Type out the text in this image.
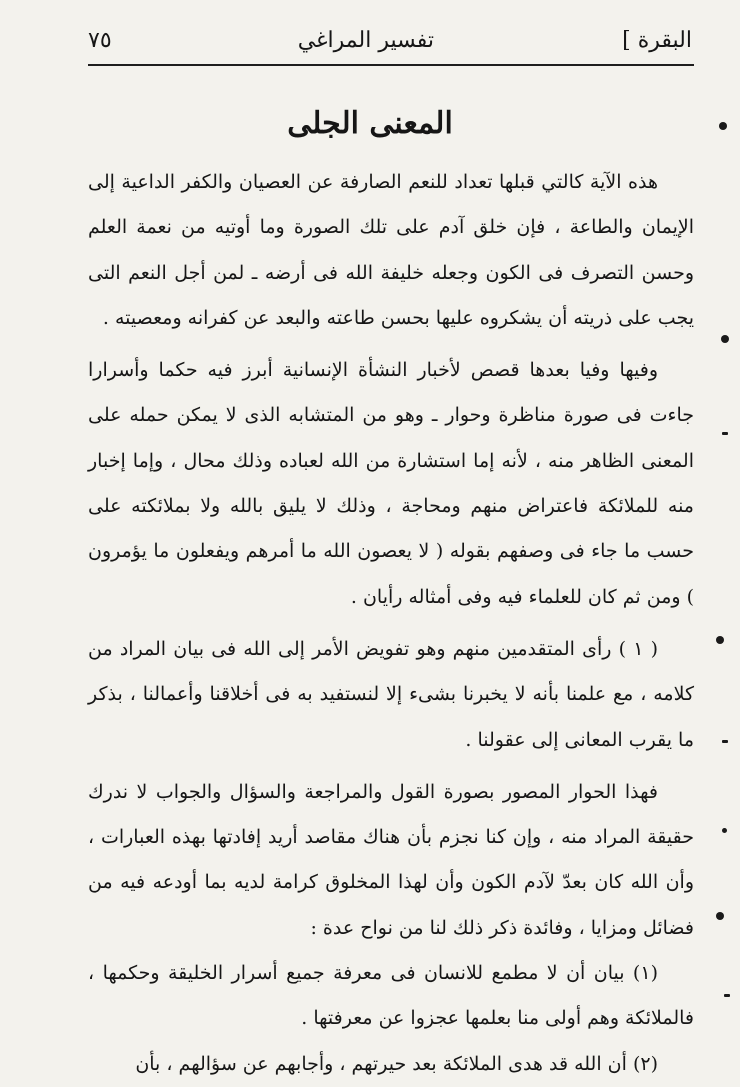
البقرة ]
تفسير المراغي
٧٥
المعنى الجلى

هذه الآية كالتي قبلها تعداد للنعم الصارفة عن العصيان والكفر الداعية إلى الإيمان والطاعة ، فإن خلق آدم على تلك الصورة وما أوتيه من نعمة العلم وحسن التصرف فى الكون وجعله خليفة الله فى أرضه ـ لمن أجل النعم التى يجب على ذريته أن يشكروه عليها بحسن طاعته والبعد عن كفرانه ومعصيته .

وفيها وفيا بعدها قصص لأخبار النشأة الإنسانية أبرز فيه حكما وأسرارا جاءت فى صورة مناظرة وحوار ـ وهو من المتشابه الذى لا يمكن حمله على المعنى الظاهر منه ، لأنه إما استشارة من الله لعباده وذلك محال ، وإما إخبار منه للملائكة فاعتراض منهم ومحاجة ، وذلك لا يليق بالله ولا بملائكته على حسب ما جاء فى وصفهم بقوله ( لا يعصون الله ما أمرهم ويفعلون ما يؤمرون ) ومن ثم كان للعلماء فيه وفى أمثاله رأيان .

( ١ ) رأى المتقدمين منهم وهو تفويض الأمر إلى الله فى بيان المراد من كلامه ، مع علمنا بأنه لا يخبرنا بشىء إلا لنستفيد به فى أخلاقنا وأعمالنا ، بذكر ما يقرب المعانى إلى عقولنا .

فهذا الحوار المصور بصورة القول والمراجعة والسؤال والجواب لا ندرك حقيقة المراد منه ، وإن كنا نجزم بأن هناك مقاصد أريد إفادتها بهذه العبارات ، وأن الله كان بعدّ لآدم الكون وأن لهذا المخلوق كرامة لديه بما أودعه فيه من فضائل ومزايا ، وفائدة ذكر ذلك لنا من نواح عدة :

(١) بيان أن لا مطمع للانسان فى معرفة جميع أسرار الخليقة وحكمها ، فالملائكة وهم أولى منا بعلمها عجزوا عن معرفتها .

(٢) أن الله قد هدى الملائكة بعد حيرتهم ، وأجابهم عن سؤالهم ، بأن
